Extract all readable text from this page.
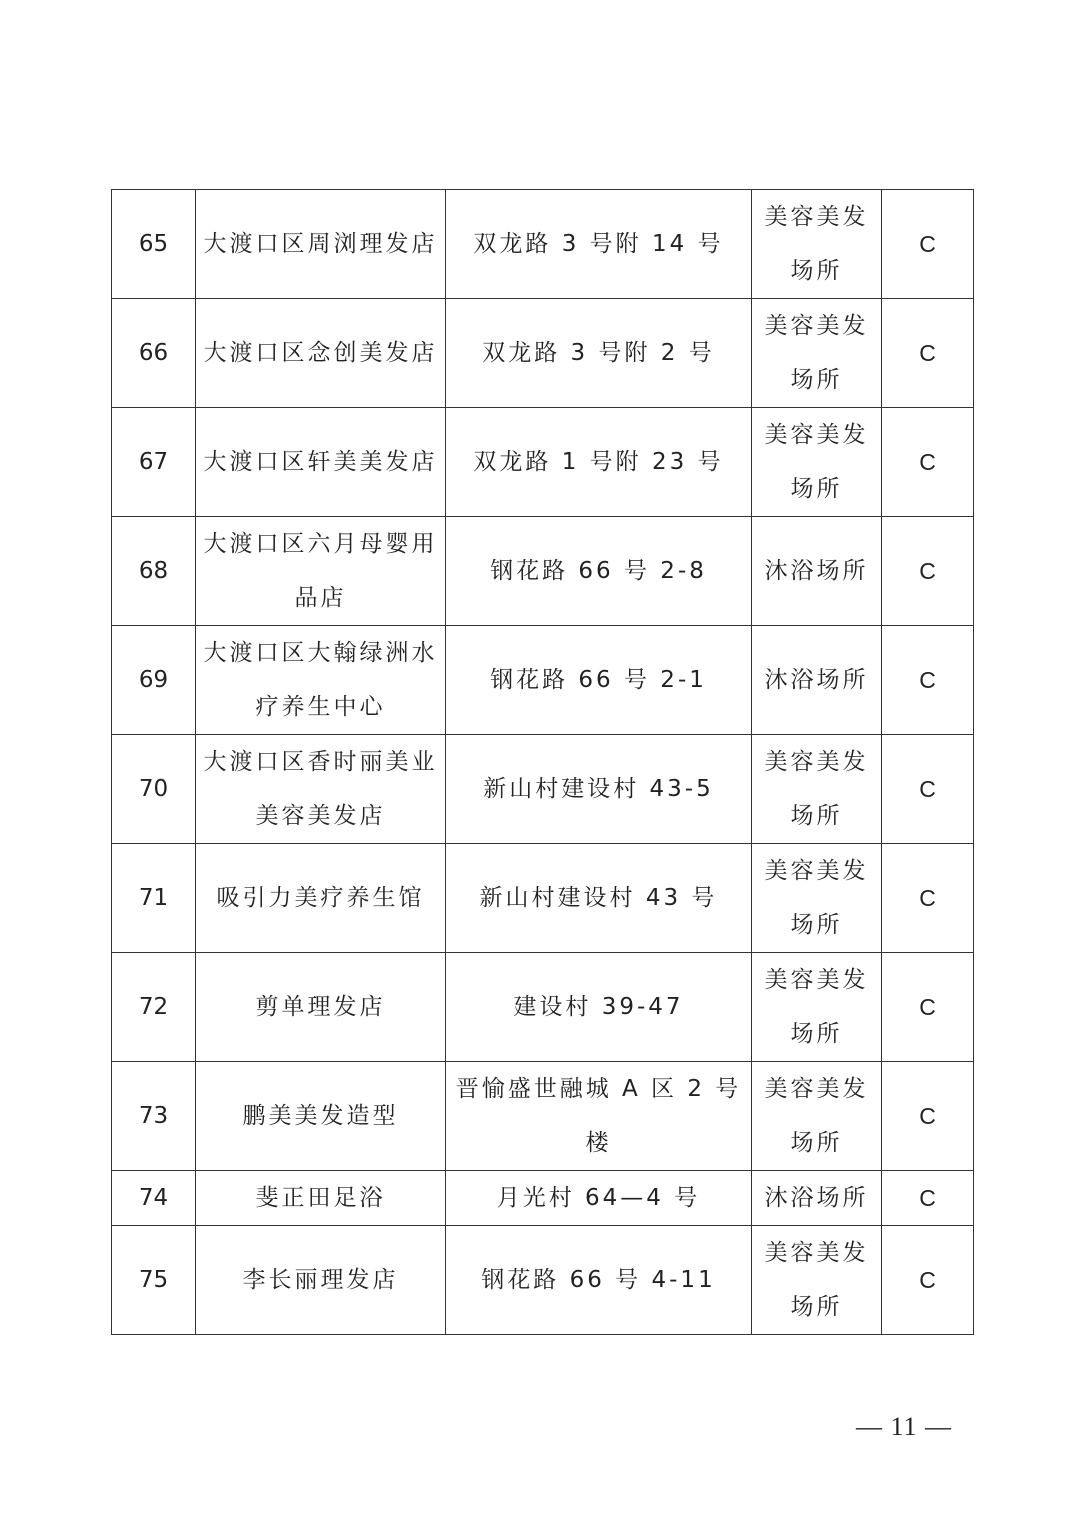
65	大渡口区周浏理发店	双龙路 3 号附 14 号	美容美发场所	C
66	大渡口区念创美发店	双龙路 3 号附 2 号	美容美发场所	C
67	大渡口区轩美美发店	双龙路 1 号附 23 号	美容美发场所	C
68	大渡口区六月母婴用品店	钢花路 66 号 2-8	沐浴场所	C
69	大渡口区大翰绿洲水疗养生中心	钢花路 66 号 2-1	沐浴场所	C
70	大渡口区香时丽美业美容美发店	新山村建设村 43-5	美容美发场所	C
71	吸引力美疗养生馆	新山村建设村 43 号	美容美发场所	C
72	剪单理发店	建设村 39-47	美容美发场所	C
73	鹏美美发造型	晋愉盛世融城 A 区 2 号楼	美容美发场所	C
74	斐正田足浴	月光村 64—4 号	沐浴场所	C
75	李长丽理发店	钢花路 66 号 4-11	美容美发场所	C
— 11 —
